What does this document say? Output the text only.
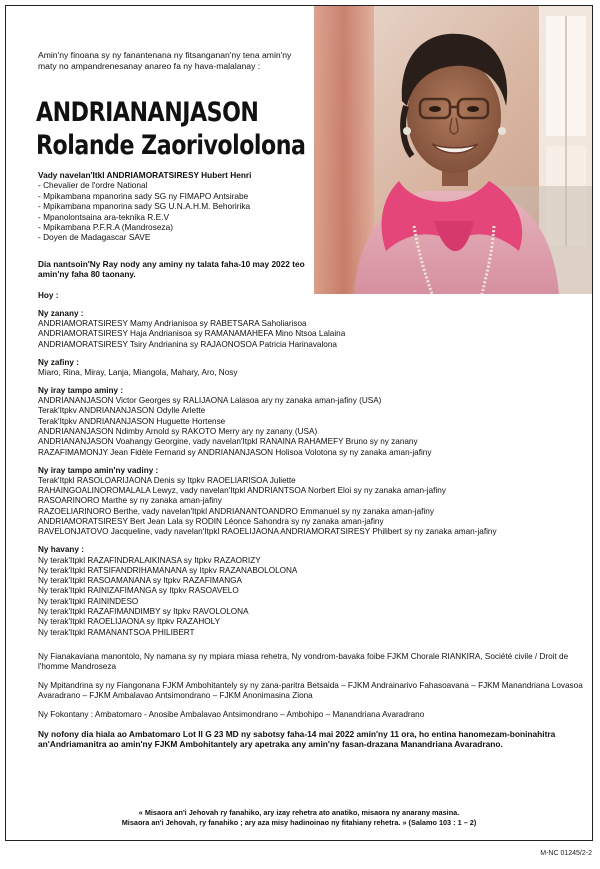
Amin'ny finoana sy ny fanantenana ny fitsanganan'ny tena amin'ny maty no ampandrenesanay anareo fa ny hava-malalanay :
ANDRIANANJASON
Rolande Zaorivololona
Vady navelan'Itkl ANDRIAMORATSIRESY Hubert Henri
- Chevalier de l'ordre National
- Mpikambana mpanorina sady SG ny FIMAPO Antsirabe
- Mpikambana mpanorina sady SG U.N.A.H.M. Behoririka
- Mpanolontsaina ara-teknika R.E.V
- Mpikambana P.F.R.A (Mandroseza)
- Doyen de Madagascar SAVE
Dia nantsoin'Ny Ray nody any aminy ny talata faha-10 may 2022 teo amin'ny faha 80 taonany.
Hoy :
Ny zanany :
ANDRIAMORATSIRESY Mamy Andrianisoa sy RABETSARA Saholiarisoa
ANDRIAMORATSIRESY Haja Andrianisoa sy RAMANAMAHEFA Mino Ntsoa Lalaina
ANDRIAMORATSIRESY Tsiry Andrianina sy RAJAONOSOA Patricia Harinavalona
Ny zafiny :
Miaro, Rina, Miray, Lanja, Miangola, Mahary, Aro, Nosy
Ny iray tampo aminy :
ANDRIANANJASON Victor Georges sy RALIJAONA Lalasoa ary ny zanaka aman-jafiny (USA)
Terak'Itpkv ANDRIANANJASON Odylle Arlette
Terak'Itpkv ANDRIANANJASON Huguette Hortense
ANDRIANANJASON Ndimby Arnold sy RAKOTO Merry ary ny zanany (USA)
ANDRIANANJASON Voahangy Georgine, vady navelan'Itpkl RANAINA RAHAMEFY Bruno sy ny zanany
RAZAFIMAMONJY Jean Fidèle Fernand sy ANDRIANANJASON Holisoa Volotona sy ny zanaka aman-jafiny
Ny iray tampo amin'ny vadiny :
Terak'Itpkl RASOLOARIJAONA Denis sy Itpkv RAOELIARISOA Juliette
RAHAINGOALINOROMALALA Lewyz, vady navelan'Itpkl ANDRIANTSOA Norbert Eloi sy ny zanaka aman-jafiny
RASOARINORO Marthe sy ny zanaka aman-jafiny
RAZOELIARINORO Berthe, vady navelan'Itpkl ANDRIANANTOANDRO Emmanuel sy ny zanaka aman-jafiny
ANDRIAMORATSIRESY Bert Jean Lala sy RODIN Léonce Sahondra sy ny zanaka aman-jafiny
RAVELONJATOVO Jacqueline, vady navelan'Itpkl RAOELIJAONA ANDRIAMORATSIRESY Philibert sy ny zanaka aman-jafiny
Ny havany :
Ny terak'Itpkl RAZAFINDRALAIKINASA sy Itpkv RAZAORIZY
Ny terak'Itpkl RATSIFANDRIHAMANANA sy Itpkv RAZANABOLOLONA
Ny terak'Itpkl RASOAMANANA sy Itpkv RAZAFIMANGA
Ny terak'Itpkl RAINIZAFIMANGA sy Itpkv RASOAVELO
Ny terak'Itpkl RAININDESO
Ny terak'Itpkl RAZAFIMANDIMBY sy Itpkv RAVOLOLONA
Ny terak'Itpkl RAOELIJAONA sy Itpkv RAZAHOLY
Ny terak'Itpkl RAMANANTSOA PHILIBERT
Ny Fianakaviana manontolo, Ny namana sy ny mpiara miasa rehetra, Ny vondrom-bavaka foibe FJKM Chorale RIANKIRA, Société civile / Droit de l'homme Mandroseza
Ny Mpitandrina sy ny Fiangonana FJKM Ambohitantely sy ny zana-paritra Betsaida – FJKM Andrainarivo Fahasoavana – FJKM Manandriana Lovasoa Avaradrano – FJKM Ambalavao Antsimondrano – FJKM Anonimasina Ziona
Ny Fokontany : Ambatomaro - Anosibe Ambalavao Antsimondrano – Ambohipo – Manandriana Avaradrano
Ny nofony dia hiala ao Ambatomaro Lot II G 23 MD ny sabotsy faha-14 mai 2022 amin'ny 11 ora, ho entina hanomezam-boninahitra an'Andriamanitra ao amin'ny FJKM Ambohitantely ary apetraka any amin'ny fasan-drazana Manandriana Avaradrano.
« Misaora an'i Jehovah ry fanahiko, ary izay rehetra ato anatiko, misaora ny anarany masina.
Misaora an'i Jehovah, ry fanahiko ; ary aza misy hadinoinao ny fitahiany rehetra. » (Salamo 103 : 1 – 2)
M-NC 01245/2-2
